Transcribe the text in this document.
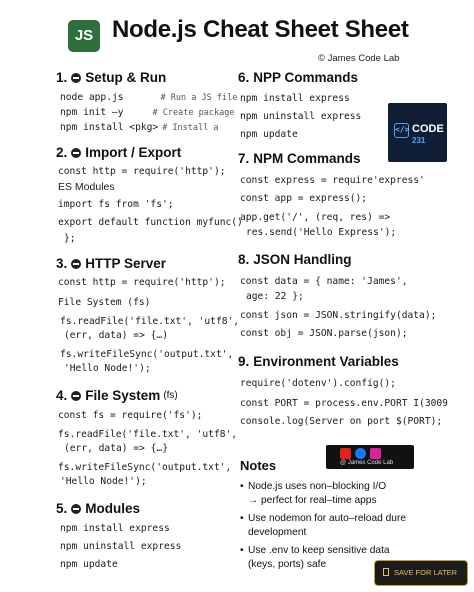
JS Node.js Cheat Sheet Sheet
© James Code Lab
1. Setup & Run
node app.js	# Run a JS file
npm init –y	# Create package
npm install <pkg> # Install a
2. Import / Export
const http = require('http');
ES Modules
import fs from 'fs';
export default function myfunc()
};
3. HTTP Server
const http = require('http');
File System (fs)
fs.readFile('file.txt', 'utf8',
(err, data) => {…)
fs.writeFileSync('output.txt',
'Hello Node!');
4. File System (fs)
const fs = require('fs');
fs.readFile('file.txt', 'utf8',
(err, data) => {…}
fs.writeFileSync('output.txt',
'Hello Node!');
5. Modules
npm install express
npm uninstall express
npm update
6. NPP Commands
npm install express
npm uninstall express
npm update	</> CODE
231
7. NPM Commands
const express = require'express'
const app = express();
app.get('/', (req, res) =>
res.send('Hello Express');
8. JSON Handling
const data = { name: 'James',
age: 22 };
const json = JSON.stringify(data);
const obj = JSON.parse(json);
9. Environment Variables
require('dotenv').config();
const PORT = process.env.PORT I(3009
console.log(Server on port $(PORT);
@ James Code Lab
Notes
• Node.js uses non–blocking I/O
→ perfect for real–time apps
• Use nodemon for auto–reload dure
development
• Use .env to keep sensitive data
(keys, ports) safe
SAVE FOR LATER
